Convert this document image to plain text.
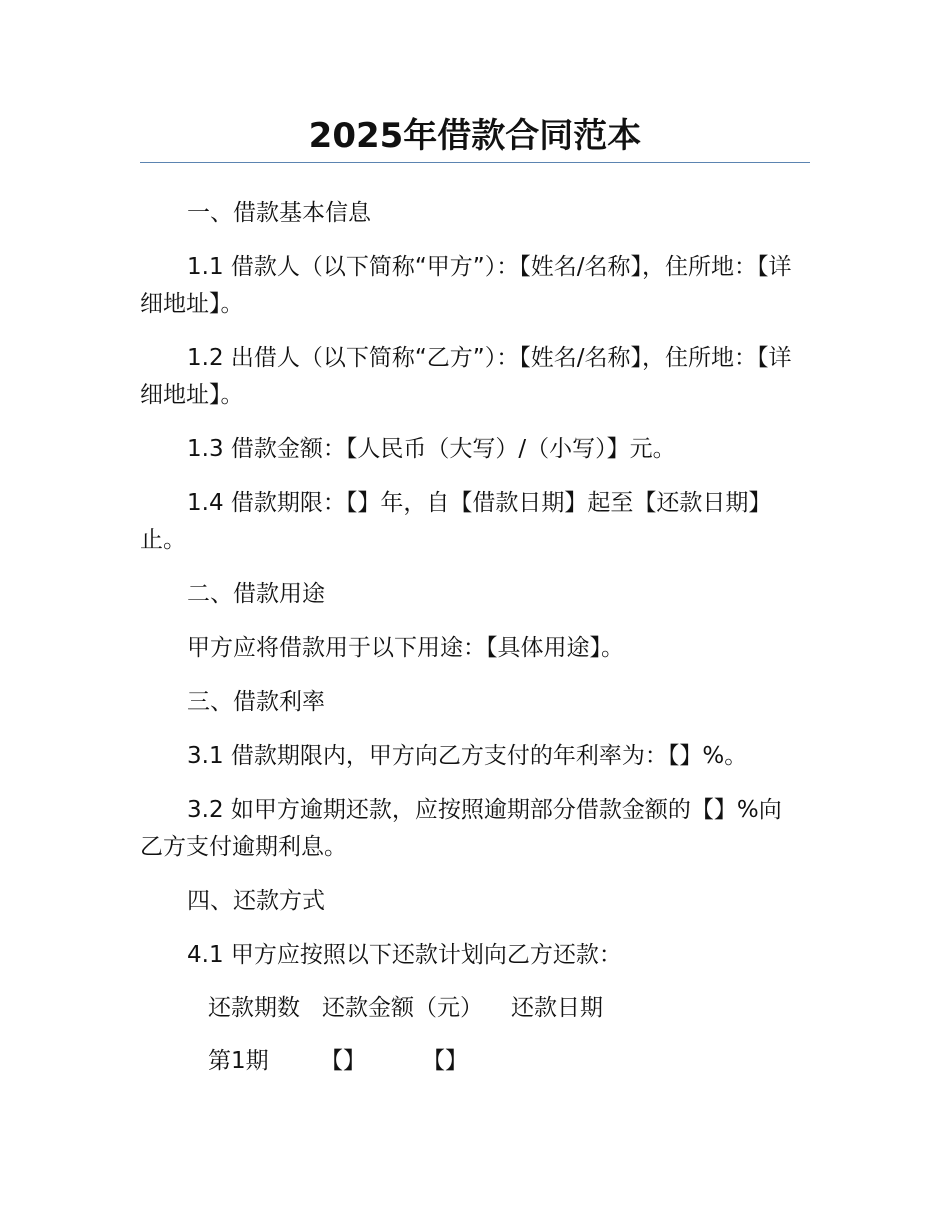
2025年借款合同范本

一、借款基本信息

1.1 借款人（以下简称“甲方”）：【姓名/名称】，住所地：【详细地址】。

1.2 出借人（以下简称“乙方”）：【姓名/名称】，住所地：【详细地址】。

1.3 借款金额：【人民币（大写）/（小写）】元。

1.4 借款期限：【】年，自【借款日期】起至【还款日期】止。

二、借款用途

甲方应将借款用于以下用途：【具体用途】。

三、借款利率

3.1 借款期限内，甲方向乙方支付的年利率为：【】%。

3.2 如甲方逾期还款，应按照逾期部分借款金额的【】%向乙方支付逾期利息。

四、还款方式

4.1 甲方应按照以下还款计划向乙方还款：

还款期数 还款金额（元） 还款日期
第1期 【】 【】
